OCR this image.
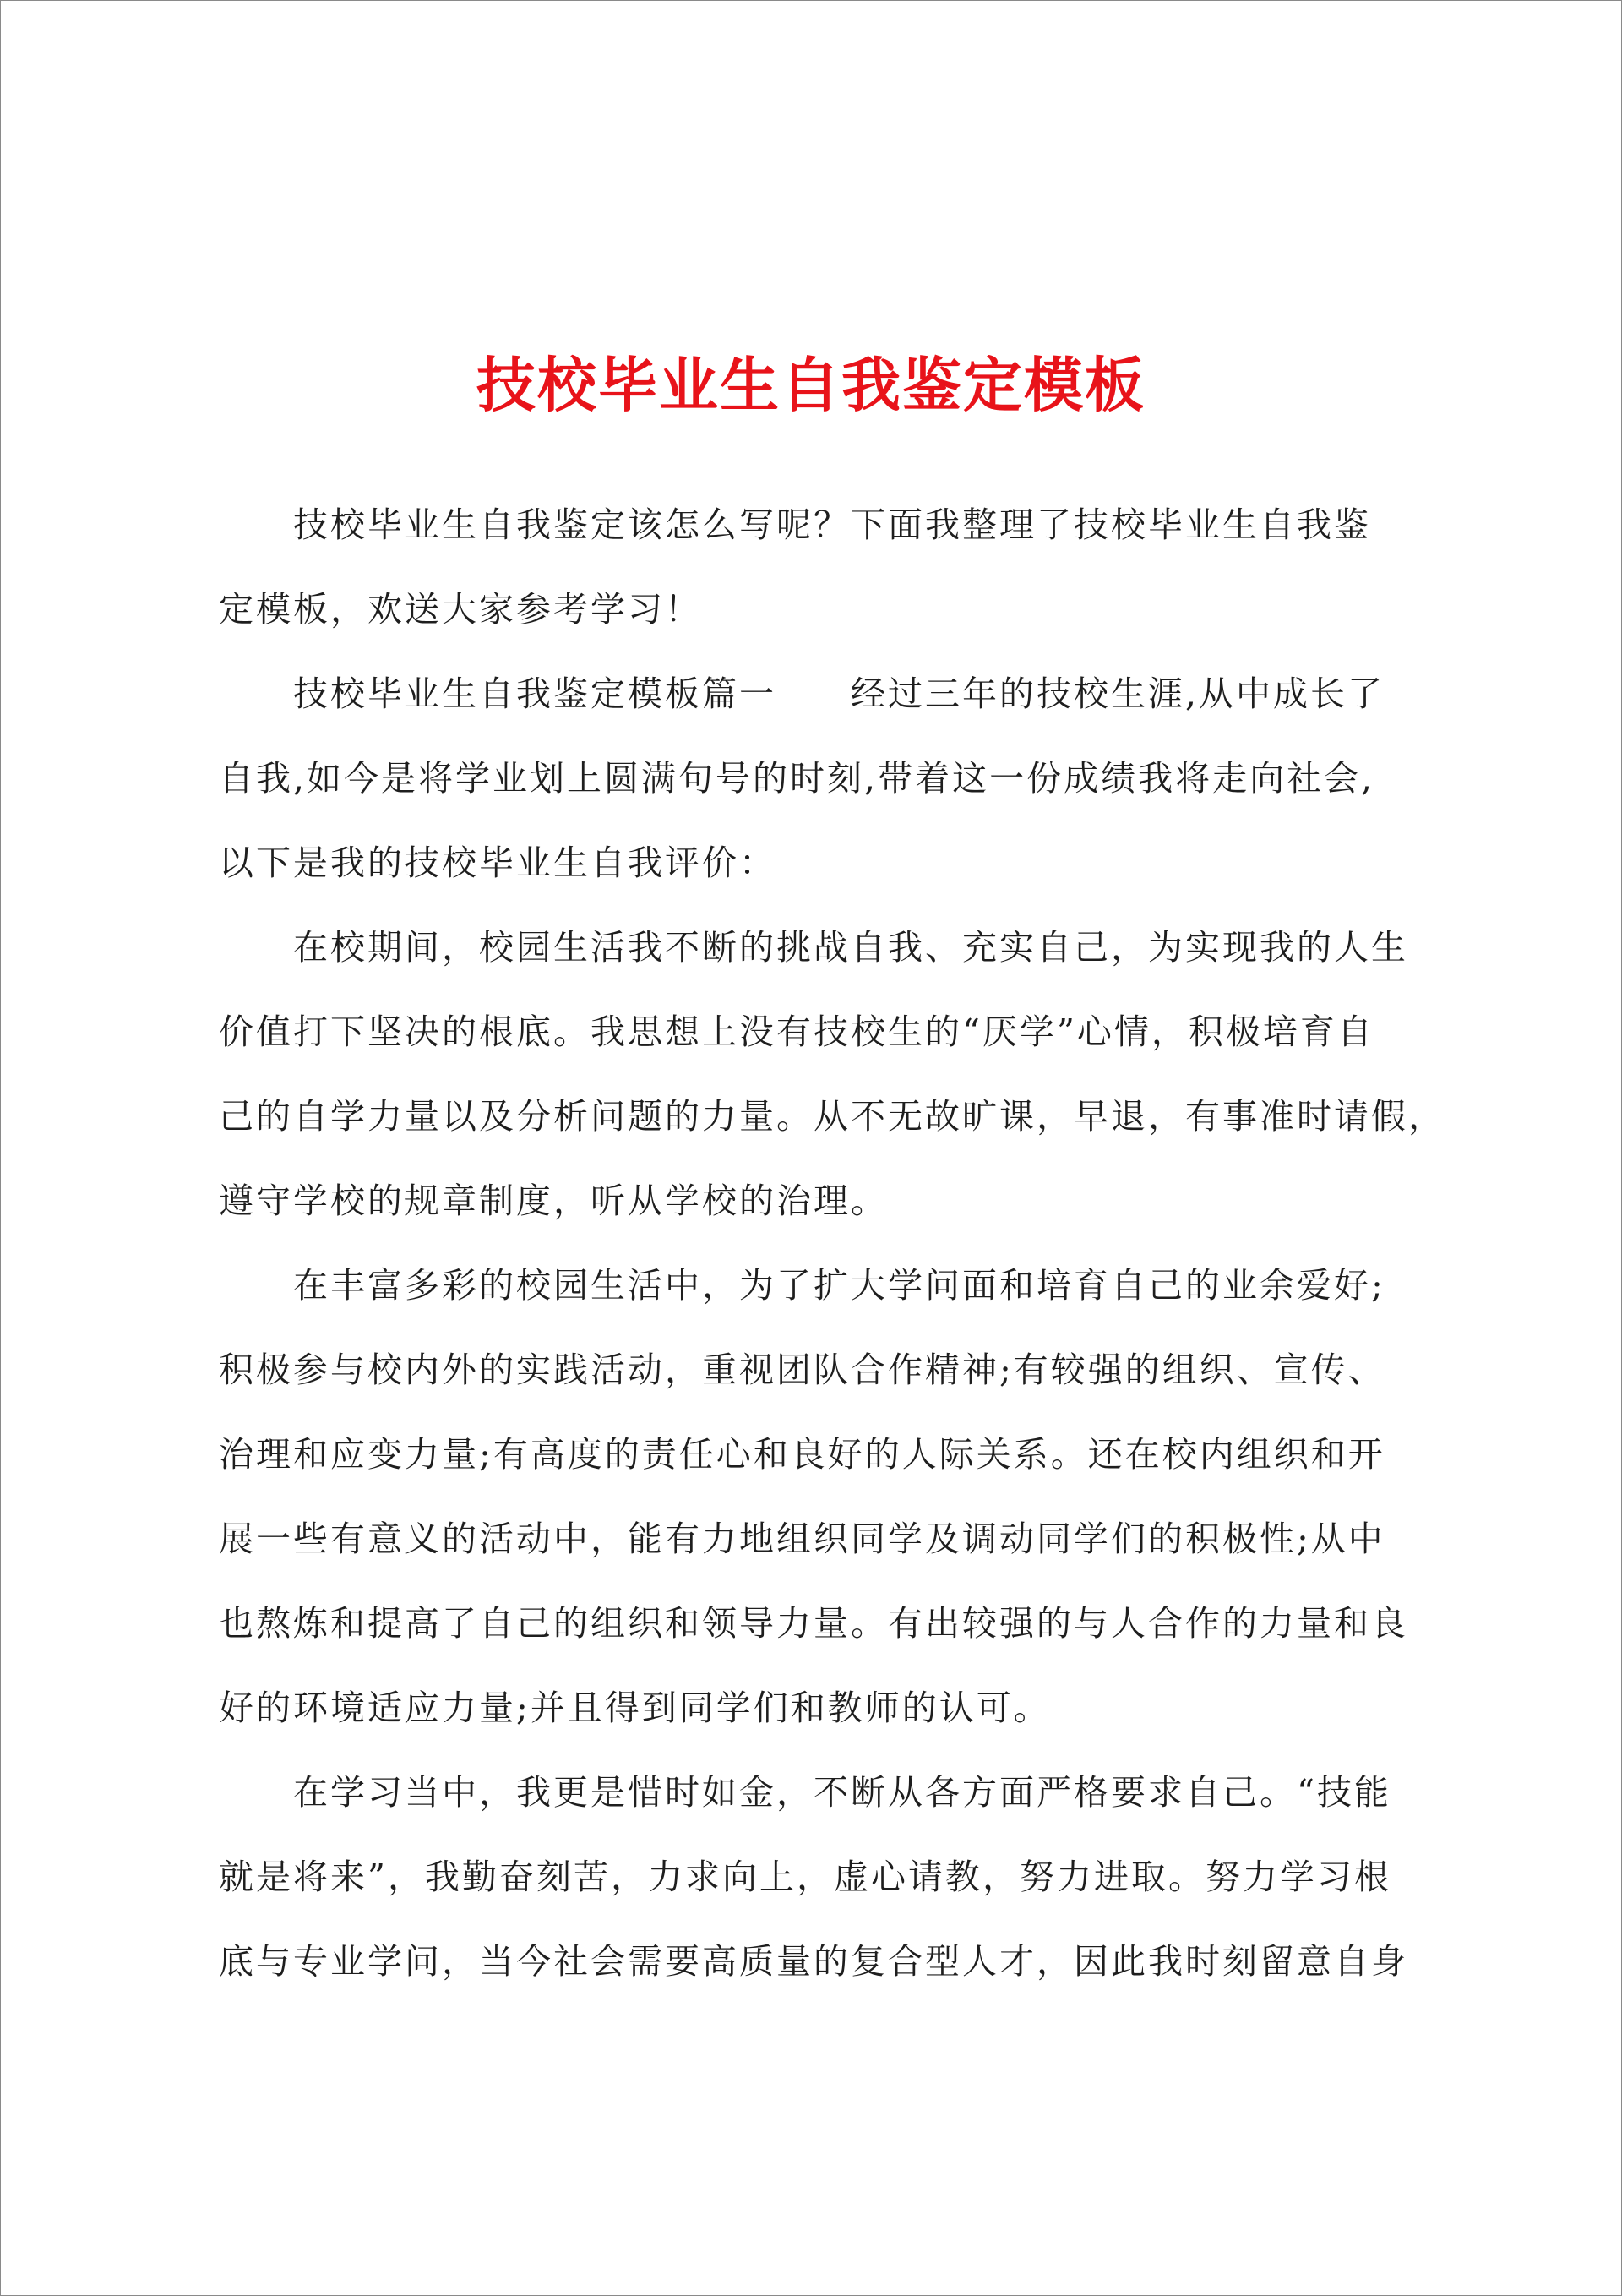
技校毕业生自我鉴定模板
技校毕业生自我鉴定该怎么写呢？下面我整理了技校毕业生自我鉴
定模板，欢送大家参考学习！
技校毕业生自我鉴定模板篇一　　经过三年的技校生涯,从中成长了
自我,如今是将学业划上圆满句号的时刻,带着这一份成绩我将走向社会,
以下是我的技校毕业生自我评价：
在校期间，校园生活我不断的挑战自我、充实自己，为实现我的人生
价值打下坚决的根底。我思想上没有技校生的“厌学”心情，积极培育自
己的自学力量以及分析问题的力量。从不无故旷课，早退，有事准时请假，
遵守学校的规章制度，听从学校的治理。
在丰富多彩的校园生活中，为了扩大学问面和培育自己的业余爱好;
积极参与校内外的实践活动，重视团队合作精神;有较强的组织、宣传、
治理和应变力量;有高度的责任心和良好的人际关系。还在校内组织和开
展一些有意义的活动中，能有力地组织同学及调动同学们的积极性;从中
也熬炼和提高了自己的组织和领导力量。有出较强的与人合作的力量和良
好的环境适应力量;并且得到同学们和教师的认可。
在学习当中，我更是惜时如金，不断从各方面严格要求自己。“技能
就是将来”，我勤奋刻苦，力求向上，虚心请教，努力进取。努力学习根
底与专业学问，当今社会需要高质量的复合型人才，因此我时刻留意自身
